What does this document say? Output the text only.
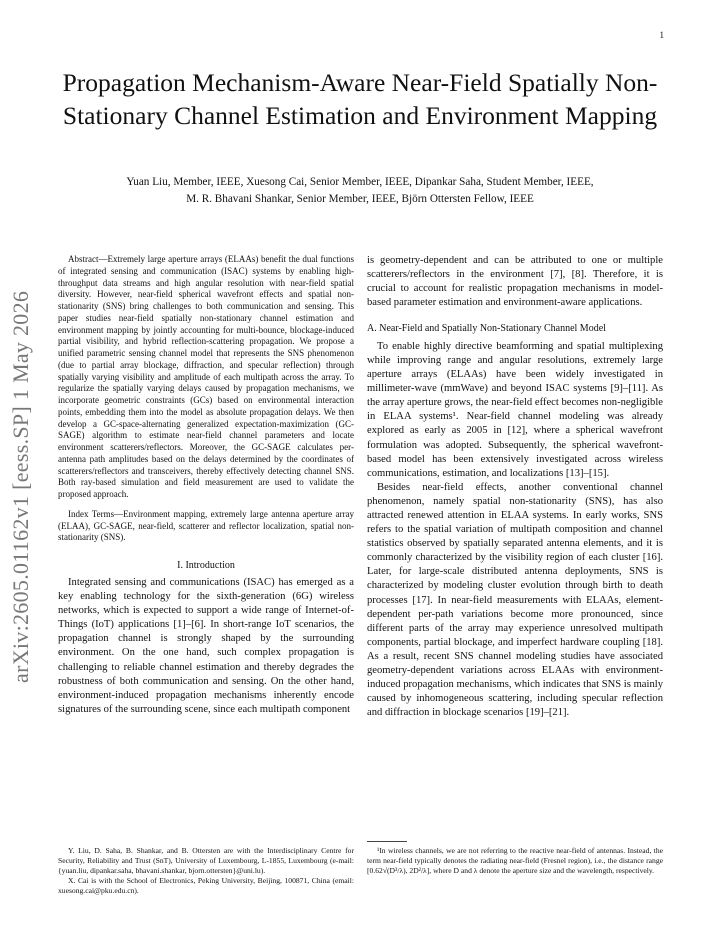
1
Propagation Mechanism-Aware Near-Field Spatially Non-Stationary Channel Estimation and Environment Mapping
Yuan Liu, Member, IEEE, Xuesong Cai, Senior Member, IEEE, Dipankar Saha, Student Member, IEEE,
M. R. Bhavani Shankar, Senior Member, IEEE, Björn Ottersten Fellow, IEEE
arXiv:2605.01162v1 [eess.SP] 1 May 2026

Abstract—Extremely large aperture arrays (ELAAs) benefit the dual functions of integrated sensing and communication (ISAC) systems by enabling high-throughput data streams and high angular resolution with near-field spatial diversity. However, near-field spherical wavefront effects and spatial non-stationarity (SNS) bring challenges to both communication and sensing. This paper studies near-field spatially non-stationary channel estimation and environment mapping by jointly accounting for multi-bounce, blockage-induced partial visibility, and hybrid reflection-scattering propagation. We propose a unified parametric sensing channel model that represents the SNS phenomenon (due to partial array blockage, diffraction, and specular reflection) through spatially varying visibility and amplitude of each multipath across the array. To regularize the spatially varying delays caused by propagation mechanisms, we incorporate geometric constraints (GCs) based on environmental interaction points, embedding them into the model as absolute propagation delays. We then develop a GC-space-alternating generalized expectation-maximization (GC-SAGE) algorithm to estimate near-field channel parameters and locate environment scatterers/reflectors. Moreover, the GC-SAGE calculates per-antenna path amplitudes based on the delays determined by the coordinates of scatterers/reflectors and transceivers, thereby effectively detecting channel SNS. Both ray-based simulation and field measurement are used to validate the proposed approach.

Index Terms—Environment mapping, extremely large antenna aperture array (ELAA), GC-SAGE, near-field, scatterer and reflector localization, spatial non-stationarity (SNS).

I. Introduction

Integrated sensing and communications (ISAC) has emerged as a key enabling technology for the sixth-generation (6G) wireless networks, which is expected to support a wide range of Internet-of-Things (IoT) applications [1]–[6]. In short-range IoT scenarios, the propagation channel is strongly shaped by the surrounding environment. On the one hand, such complex propagation is challenging to reliable channel estimation and thereby degrades the robustness of both communication and sensing. On the other hand, environment-induced propagation mechanisms inherently encode signatures of the surrounding scene, since each multipath component

is geometry-dependent and can be attributed to one or multiple scatterers/reflectors in the environment [7], [8]. Therefore, it is crucial to account for realistic propagation mechanisms in model-based parameter estimation and environment-aware applications.

A. Near-Field and Spatially Non-Stationary Channel Model

To enable highly directive beamforming and spatial multiplexing while improving range and angular resolutions, extremely large aperture arrays (ELAAs) have been widely investigated in millimeter-wave (mmWave) and beyond ISAC systems [9]–[11]. As the array aperture grows, the near-field effect becomes non-negligible in ELAA systems¹. Near-field channel modeling was already explored as early as 2005 in [12], where a spherical wavefront formulation was adopted. Subsequently, the spherical wavefront-based model has been extensively investigated across wireless communications, estimation, and localizations [13]–[15].

Besides near-field effects, another conventional channel phenomenon, namely spatial non-stationarity (SNS), has also attracted renewed attention in ELAA systems. In early works, SNS refers to the spatial variation of multipath composition and channel statistics observed by spatially separated antenna elements, and it is commonly characterized by the visibility region of each cluster [16]. Later, for large-scale distributed antenna deployments, SNS is characterized by modeling cluster evolution through birth to death processes [17]. In near-field measurements with ELAAs, element-dependent per-path variations become more pronounced, since different parts of the array may experience unresolved multipath components, partial blockage, and imperfect hardware coupling [18]. As a result, recent SNS channel modeling studies have associated geometry-dependent variations across ELAAs with environment-induced propagation mechanisms, which indicates that SNS is mainly caused by inhomogeneous scattering, including specular reflection and diffraction in blockage scenarios [19]–[21].

Y. Liu, D. Saha, B. Shankar, and B. Ottersten are with the Interdisciplinary Centre for Security, Reliability and Trust (SnT), University of Luxembourg, L-1855, Luxembourg (e-mail: {yuan.liu, dipankar.saha, bhavani.shankar, bjorn.ottersten}@uni.lu).

X. Cai is with the School of Electronics, Peking University, Beijing, 100871, China (email: xuesong.cai@pku.edu.cn).

¹In wireless channels, we are not referring to the reactive near-field of antennas. Instead, the term near-field typically denotes the radiating near-field (Fresnel region), i.e., the distance range [0.62√(D³/λ), 2D²/λ], where D and λ denote the aperture size and the wavelength, respectively.
